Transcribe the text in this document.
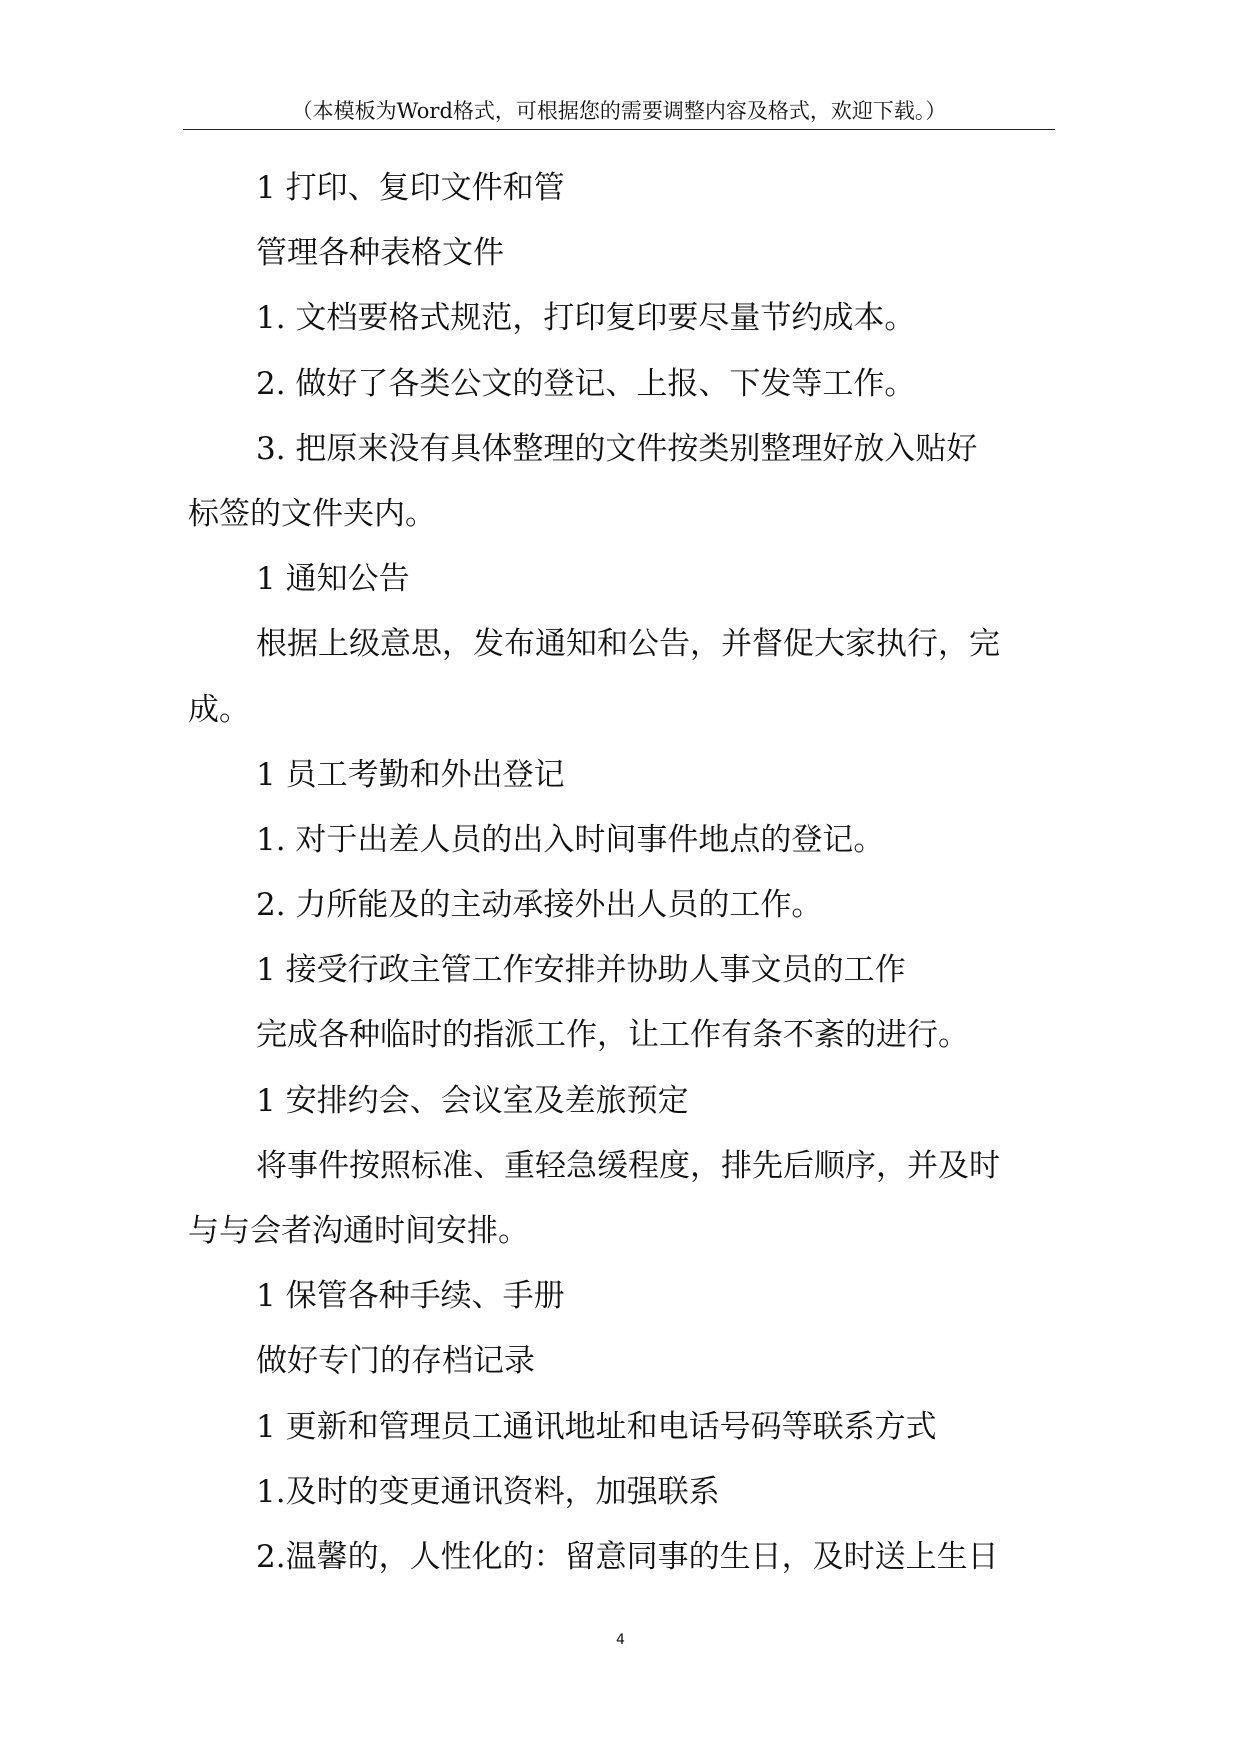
（本模板为Word格式，可根据您的需要调整内容及格式，欢迎下载。）
1 打印、复印文件和管
管理各种表格文件
1. 文档要格式规范，打印复印要尽量节约成本。
2. 做好了各类公文的登记、上报、下发等工作。
3. 把原来没有具体整理的文件按类别整理好放入贴好
标签的文件夹内。
1 通知公告
根据上级意思，发布通知和公告，并督促大家执行，完
成。
1 员工考勤和外出登记
1. 对于出差人员的出入时间事件地点的登记。
2. 力所能及的主动承接外出人员的工作。
1 接受行政主管工作安排并协助人事文员的工作
完成各种临时的指派工作，让工作有条不紊的进行。
1 安排约会、会议室及差旅预定
将事件按照标准、重轻急缓程度，排先后顺序，并及时
与与会者沟通时间安排。
1 保管各种手续、手册
做好专门的存档记录
1 更新和管理员工通讯地址和电话号码等联系方式
1.及时的变更通讯资料，加强联系
2.温馨的，人性化的：留意同事的生日，及时送上生日
4
